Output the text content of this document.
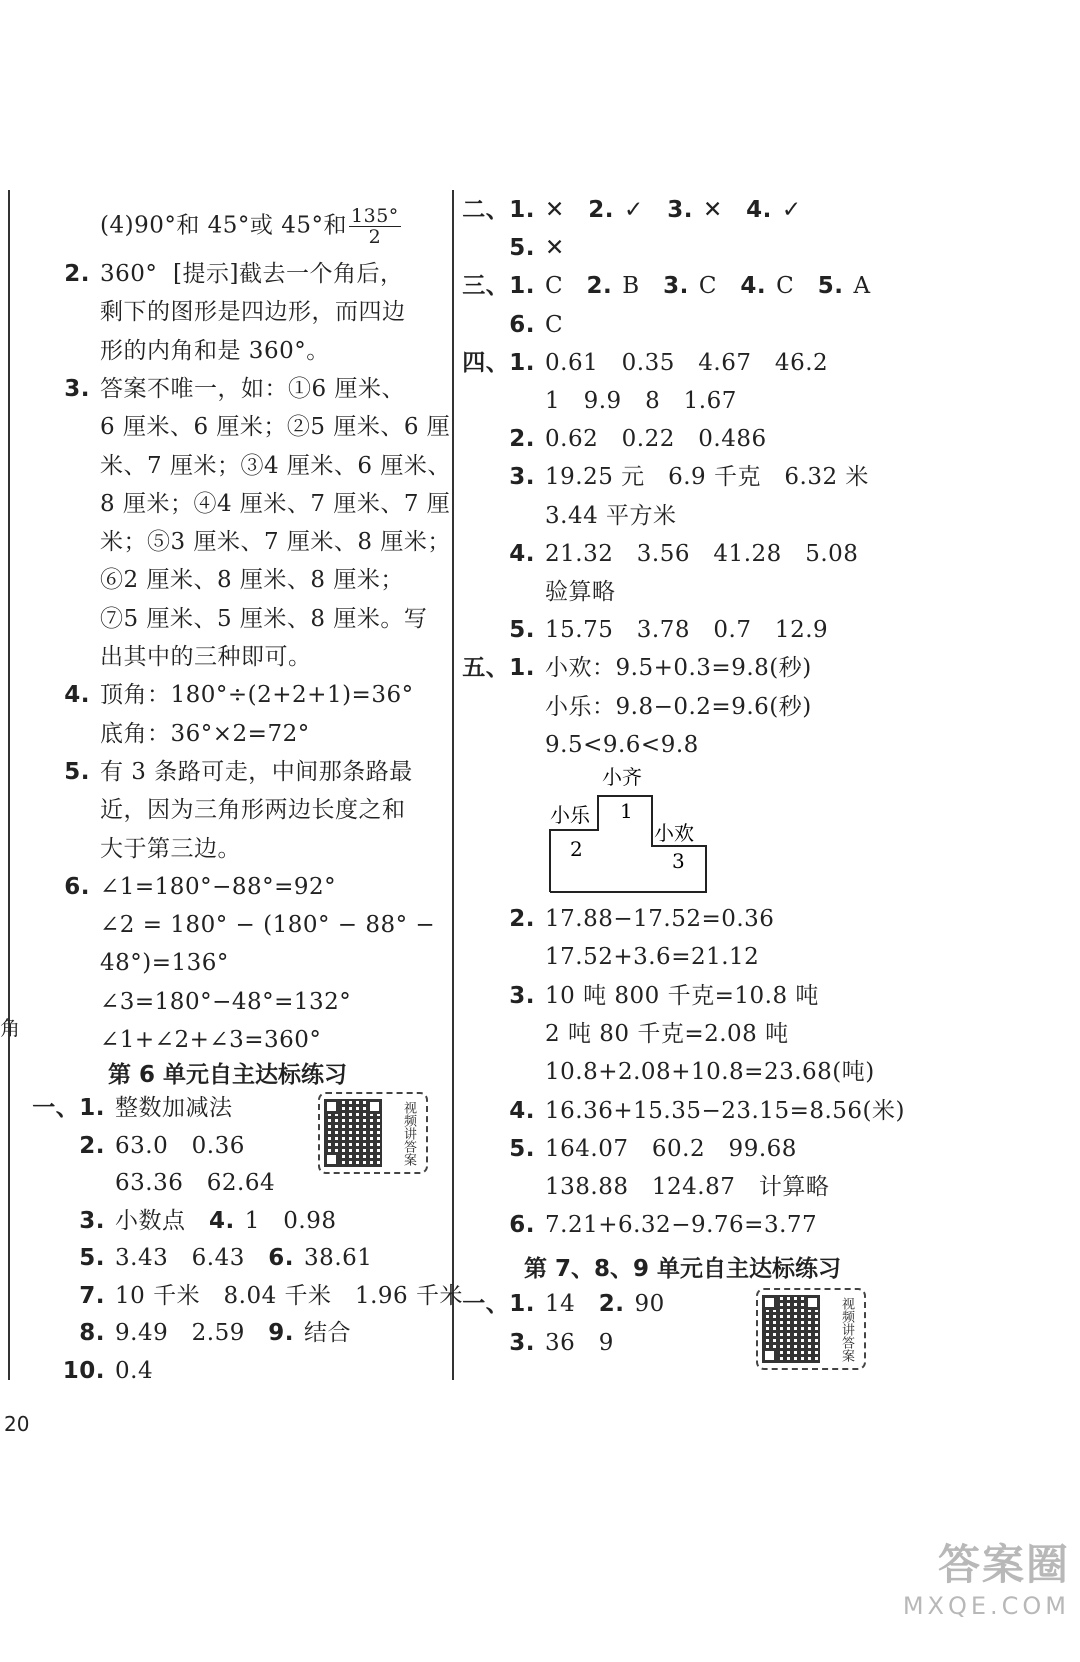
角
视频讲答案
视频讲答案
小齐
1
小乐
2
小欢
3
20
答案圈
MXQE.COM
(4)90°和 45°或 45°和 $\frac{135^\circ}{2}$
2. 360°  [提示]截去一个角后，
剩下的图形是四边形，而四边
形的内角和是 360°。
3. 答案不唯一，如：①6 厘米、
6 厘米、6 厘米；②5 厘米、6 厘
米、7 厘米；③4 厘米、6 厘米、
8 厘米；④4 厘米、7 厘米、7 厘
米；⑤3 厘米、7 厘米、8 厘米；
⑥2 厘米、8 厘米、8 厘米；
⑦5 厘米、5 厘米、8 厘米。写
出其中的三种即可。
4. 顶角：180°÷(2+2+1)=36°
底角：36°×2=72°
5. 有 3 条路可走，中间那条路最
近，因为三角形两边长度之和
大于第三边。
6. ∠1=180°−88°=92°
∠2 = 180° − (180° − 88° −
48°)=136°
∠3=180°−48°=132°
∠1+∠2+∠3=360°
第 6 单元自主达标练习
一、1. 整数加减法
2. 63.0   0.36
63.36   62.64
3. 小数点   4. 1   0.98
5. 3.43   6.43   6. 38.61
7. 10 千米   8.04 千米   1.96 千米
8. 9.49   2.59   9. 结合
10. 0.4
二、1. ✕   2. ✓   3. ✕   4. ✓
5. ✕
三、1. C   2. B   3. C   4. C   5. A
6. C
四、1. 0.61   0.35   4.67   46.2
1   9.9   8   1.67
2. 0.62   0.22   0.486
3. 19.25 元   6.9 千克   6.32 米
3.44 平方米
4. 21.32   3.56   41.28   5.08
验算略
5. 15.75   3.78   0.7   12.9
五、1. 小欢：9.5+0.3=9.8(秒)
小乐：9.8−0.2=9.6(秒)
9.5<9.6<9.8
2. 17.88−17.52=0.36
17.52+3.6=21.12
3. 10 吨 800 千克=10.8 吨
2 吨 80 千克=2.08 吨
10.8+2.08+10.8=23.68(吨)
4. 16.36+15.35−23.15=8.56(米)
5. 164.07   60.2   99.68
138.88   124.87   计算略
6. 7.21+6.32−9.76=3.77
第 7、8、9 单元自主达标练习
一、1. 14   2. 90
3. 36   9
